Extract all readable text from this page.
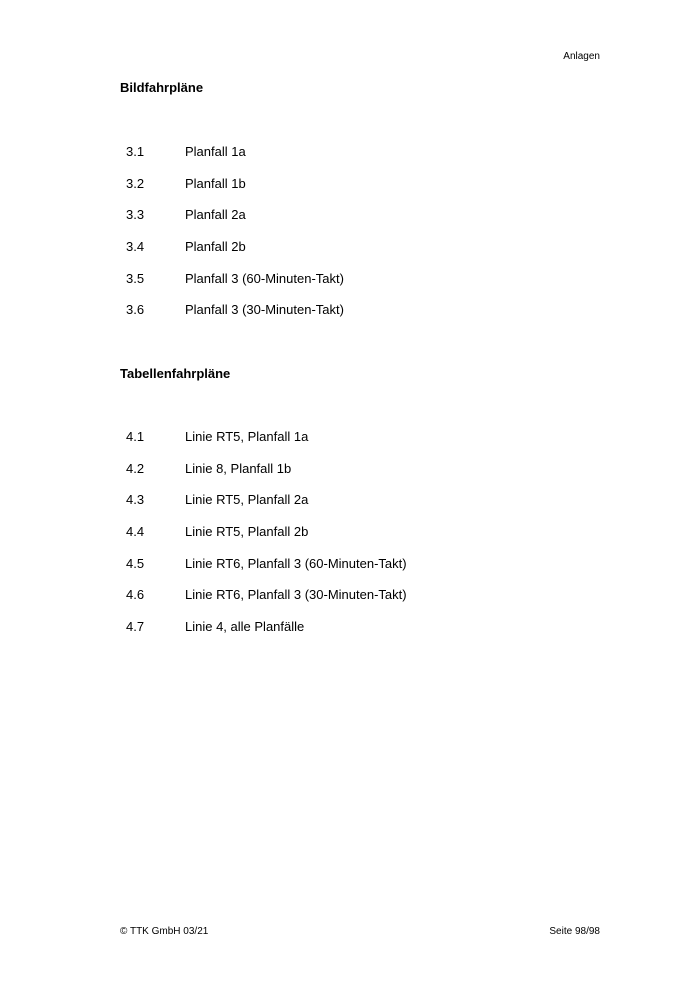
Anlagen
Bildfahrpläne
3.1	Planfall 1a
3.2	Planfall 1b
3.3	Planfall 2a
3.4	Planfall 2b
3.5	Planfall 3 (60-Minuten-Takt)
3.6	Planfall 3 (30-Minuten-Takt)
Tabellenfahrpläne
4.1	Linie RT5, Planfall 1a
4.2	Linie 8, Planfall 1b
4.3	Linie RT5, Planfall 2a
4.4	Linie RT5, Planfall 2b
4.5	Linie RT6, Planfall 3 (60-Minuten-Takt)
4.6	Linie RT6, Planfall 3 (30-Minuten-Takt)
4.7	Linie 4, alle Planfälle
© TTK GmbH 03/21	Seite 98/98
